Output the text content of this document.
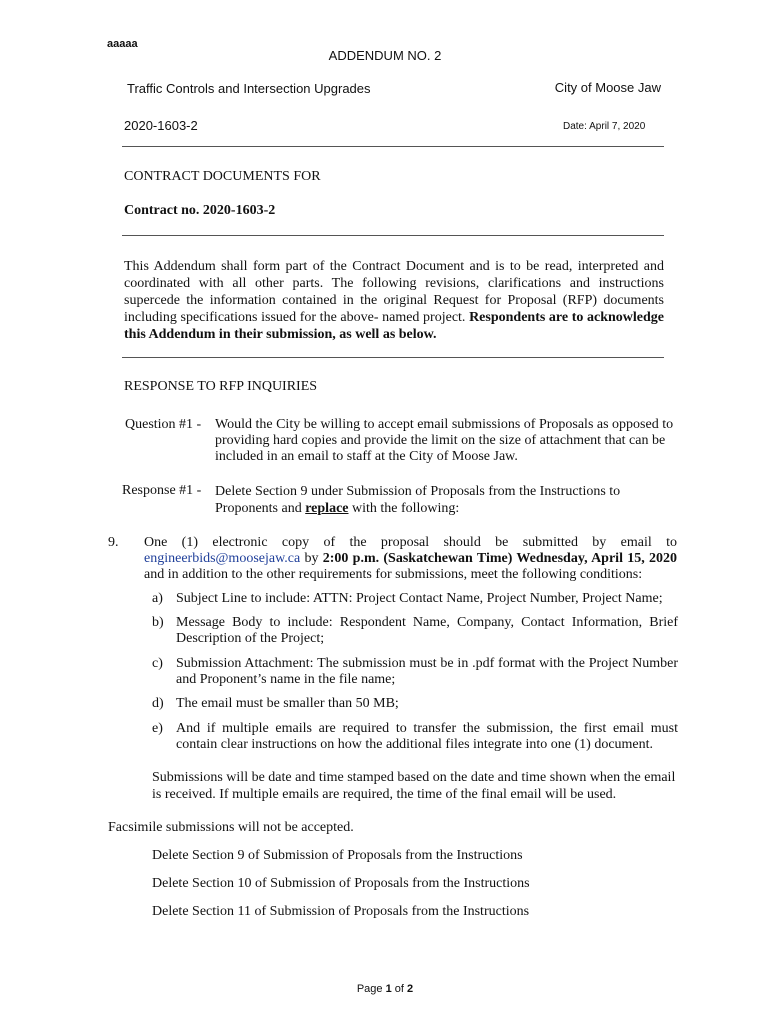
aaaaa
ADDENDUM NO. 2
Traffic Controls and Intersection Upgrades	City of Moose Jaw
2020-1603-2	Date: April 7, 2020
CONTRACT DOCUMENTS FOR
Contract no. 2020-1603-2
This Addendum shall form part of the Contract Document and is to be read, interpreted and coordinated with all other parts. The following revisions, clarifications and instructions supercede the information contained in the original Request for Proposal (RFP) documents including specifications issued for the above- named project. Respondents are to acknowledge this Addendum in their submission, as well as below.
RESPONSE TO RFP INQUIRIES
Question #1 - Would the City be willing to accept email submissions of Proposals as opposed to providing hard copies and provide the limit on the size of attachment that can be included in an email to staff at the City of Moose Jaw.
Response #1 - Delete Section 9 under Submission of Proposals from the Instructions to Proponents and replace with the following:
9. One (1) electronic copy of the proposal should be submitted by email to engineerbids@moosejaw.ca by 2:00 p.m. (Saskatchewan Time) Wednesday, April 15, 2020 and in addition to the other requirements for submissions, meet the following conditions:
a) Subject Line to include: ATTN: Project Contact Name, Project Number, Project Name;
b) Message Body to include: Respondent Name, Company, Contact Information, Brief Description of the Project;
c) Submission Attachment: The submission must be in .pdf format with the Project Number and Proponent’s name in the file name;
d) The email must be smaller than 50 MB;
e) And if multiple emails are required to transfer the submission, the first email must contain clear instructions on how the additional files integrate into one (1) document.
Submissions will be date and time stamped based on the date and time shown when the email is received. If multiple emails are required, the time of the final email will be used.
Facsimile submissions will not be accepted.
Delete Section 9 of Submission of Proposals from the Instructions
Delete Section 10 of Submission of Proposals from the Instructions
Delete Section 11 of Submission of Proposals from the Instructions
Page 1 of 2
